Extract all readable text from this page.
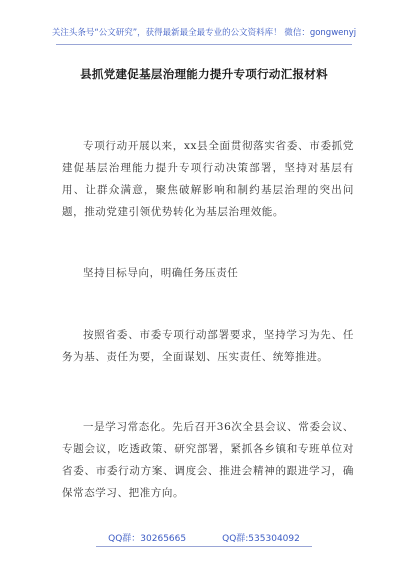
关注头条号“公文研究”，获得最新最全最专业的公文资料库！ 微信：gongwenyj
县抓党建促基层治理能力提升专项行动汇报材料

专项行动开展以来，xx县全面贯彻落实省委、市委抓党建促基层治理能力提升专项行动决策部署，坚持对基层有用、让群众满意，聚焦破解影响和制约基层治理的突出问题，推动党建引领优势转化为基层治理效能。

坚持目标导向，明确任务压责任

按照省委、市委专项行动部署要求，坚持学习为先、任务为基、责任为要，全面谋划、压实责任、统筹推进。

一是学习常态化。先后召开36次全县会议、常委会议、专题会议，吃透政策、研究部署，紧抓各乡镇和专班单位对省委、市委行动方案、调度会、推进会精神的跟进学习，确保常态学习、把准方向。

QQ群：30265665	QQ群:535304092
